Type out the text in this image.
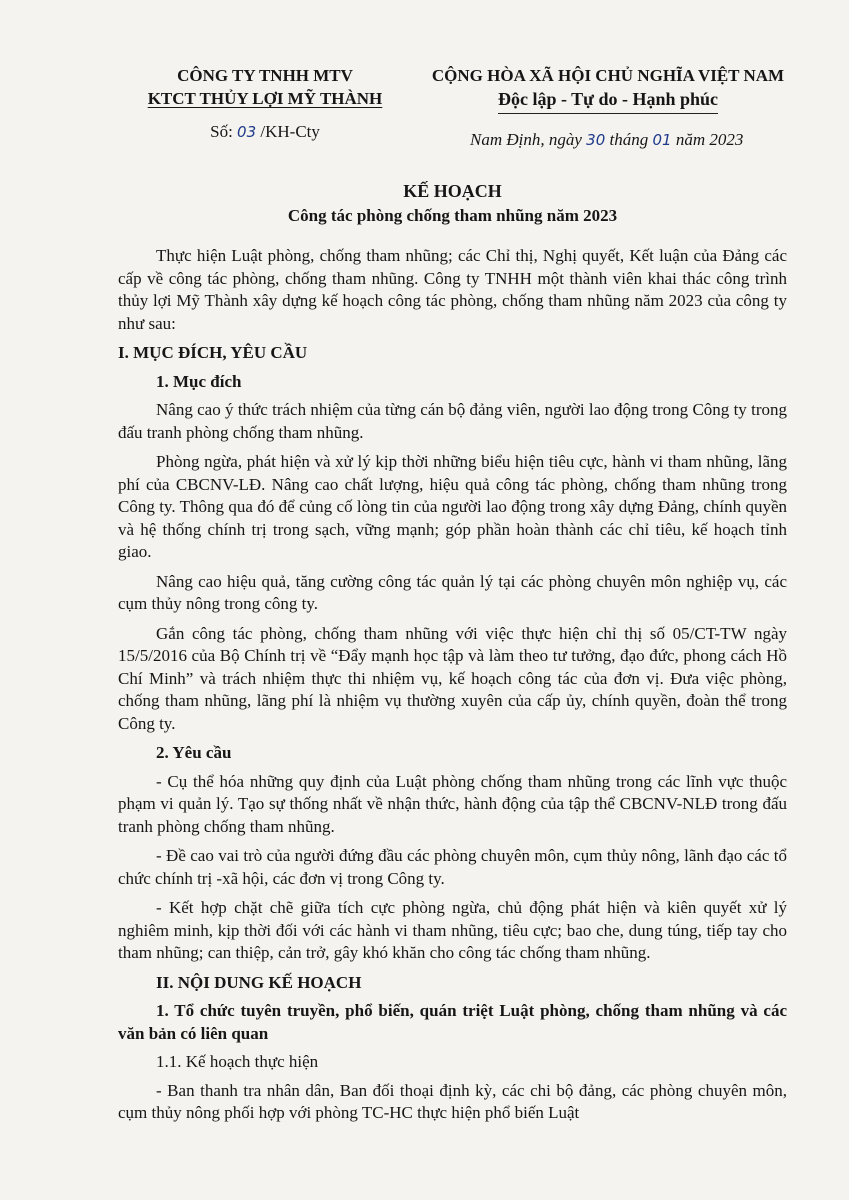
CÔNG TY TNHH MTV
KTCT THỦY LỢI MỸ THÀNH
Số: 03 /KH-Cty
CỘNG HÒA XÃ HỘI CHỦ NGHĨA VIỆT NAM
Độc lập - Tự do - Hạnh phúc
Nam Định, ngày 30 tháng 01 năm 2023
KẾ HOẠCH
Công tác phòng chống tham nhũng năm 2023

Thực hiện Luật phòng, chống tham nhũng; các Chỉ thị, Nghị quyết, Kết luận của Đảng các cấp về công tác phòng, chống tham nhũng. Công ty TNHH một thành viên khai thác công trình thủy lợi Mỹ Thành xây dựng kế hoạch công tác phòng, chống tham nhũng năm 2023 của công ty như sau:

I. MỤC ĐÍCH, YÊU CẦU
1. Mục đích

Nâng cao ý thức trách nhiệm của từng cán bộ đảng viên, người lao động trong Công ty trong đấu tranh phòng chống tham nhũng.

Phòng ngừa, phát hiện và xử lý kịp thời những biểu hiện tiêu cực, hành vi tham nhũng, lãng phí của CBCNV-LĐ. Nâng cao chất lượng, hiệu quả công tác phòng, chống tham nhũng trong Công ty. Thông qua đó để củng cố lòng tin của người lao động trong xây dựng Đảng, chính quyền và hệ thống chính trị trong sạch, vững mạnh; góp phần hoàn thành các chỉ tiêu, kế hoạch tỉnh giao.

Nâng cao hiệu quả, tăng cường công tác quản lý tại các phòng chuyên môn nghiệp vụ, các cụm thủy nông trong công ty.

Gắn công tác phòng, chống tham nhũng với việc thực hiện chỉ thị số 05/CT-TW ngày 15/5/2016 của Bộ Chính trị về “Đẩy mạnh học tập và làm theo tư tưởng, đạo đức, phong cách Hồ Chí Minh” và trách nhiệm thực thi nhiệm vụ, kế hoạch công tác của đơn vị. Đưa việc phòng, chống tham nhũng, lãng phí là nhiệm vụ thường xuyên của cấp ủy, chính quyền, đoàn thể trong Công ty.

2. Yêu cầu

- Cụ thể hóa những quy định của Luật phòng chống tham nhũng trong các lĩnh vực thuộc phạm vi quản lý. Tạo sự thống nhất về nhận thức, hành động của tập thể CBCNV-NLĐ trong đấu tranh phòng chống tham nhũng.

- Đề cao vai trò của người đứng đầu các phòng chuyên môn, cụm thủy nông, lãnh đạo các tổ chức chính trị -xã hội, các đơn vị trong Công ty.

- Kết hợp chặt chẽ giữa tích cực phòng ngừa, chủ động phát hiện và kiên quyết xử lý nghiêm minh, kịp thời đối với các hành vi tham nhũng, tiêu cực; bao che, dung túng, tiếp tay cho tham nhũng; can thiệp, cản trở, gây khó khăn cho công tác chống tham nhũng.

II. NỘI DUNG KẾ HOẠCH
1. Tổ chức tuyên truyền, phổ biến, quán triệt Luật phòng, chống tham nhũng và các văn bản có liên quan
1.1. Kế hoạch thực hiện

- Ban thanh tra nhân dân, Ban đối thoại định kỳ, các chi bộ đảng, các phòng chuyên môn, cụm thủy nông phối hợp với phòng TC-HC thực hiện phổ biến Luật
